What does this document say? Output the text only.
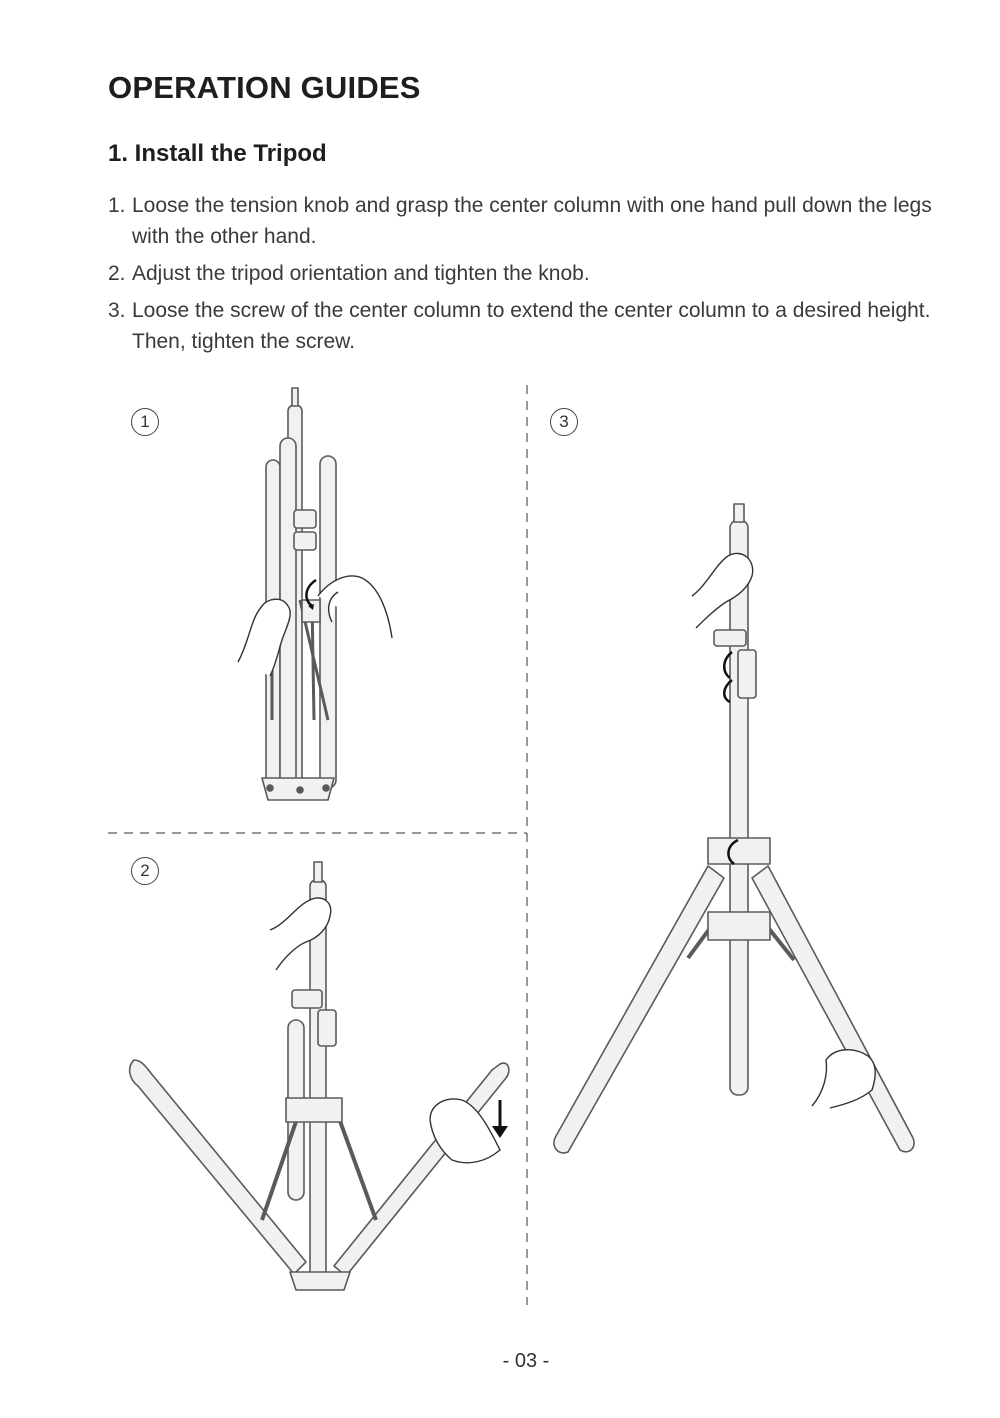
OPERATION GUIDES
1. Install the Tripod
1. Loose the tension knob and grasp the center column with one hand pull down the legs with the other hand.
2. Adjust the tripod orientation and tighten the knob.
3. Loose the screw of the center column to extend the center column to a desired height. Then, tighten the screw.
1
2
3
- 03 -
